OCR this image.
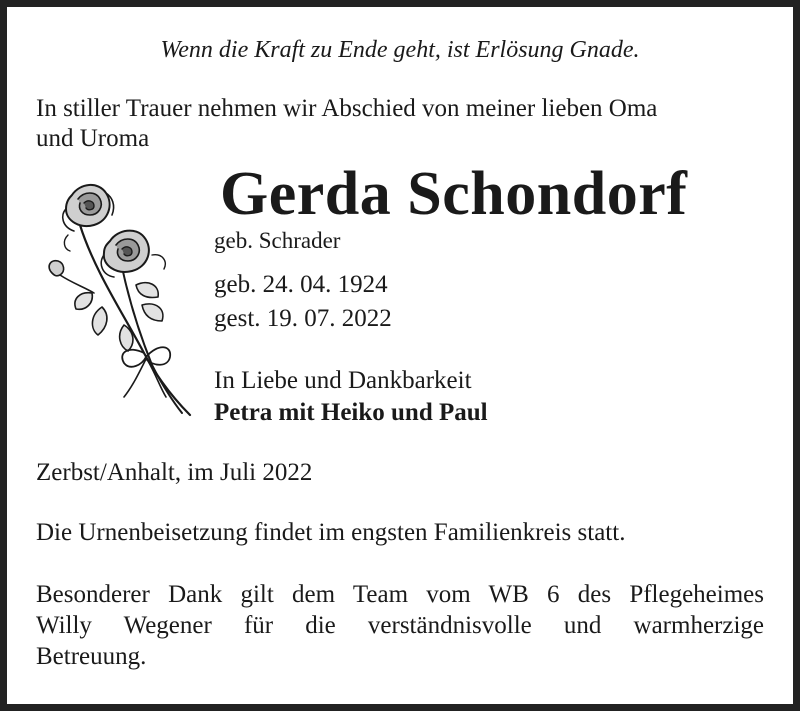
Wenn die Kraft zu Ende geht, ist Erlösung Gnade.

In stiller Trauer nehmen wir Abschied von meiner lieben Oma

und Uroma

Gerda Schondorf

geb. Schrader

geb. 24. 04. 1924

gest. 19. 07. 2022

In Liebe und Dankbarkeit

Petra mit Heiko und Paul

Zerbst/Anhalt, im Juli 2022

Die Urnenbeisetzung findet im engsten Familienkreis statt.

Besonderer Dank gilt dem Team vom WB 6 des Pflegeheimes
Willy Wegener für die verständnisvolle und warmherzige
Betreuung.
